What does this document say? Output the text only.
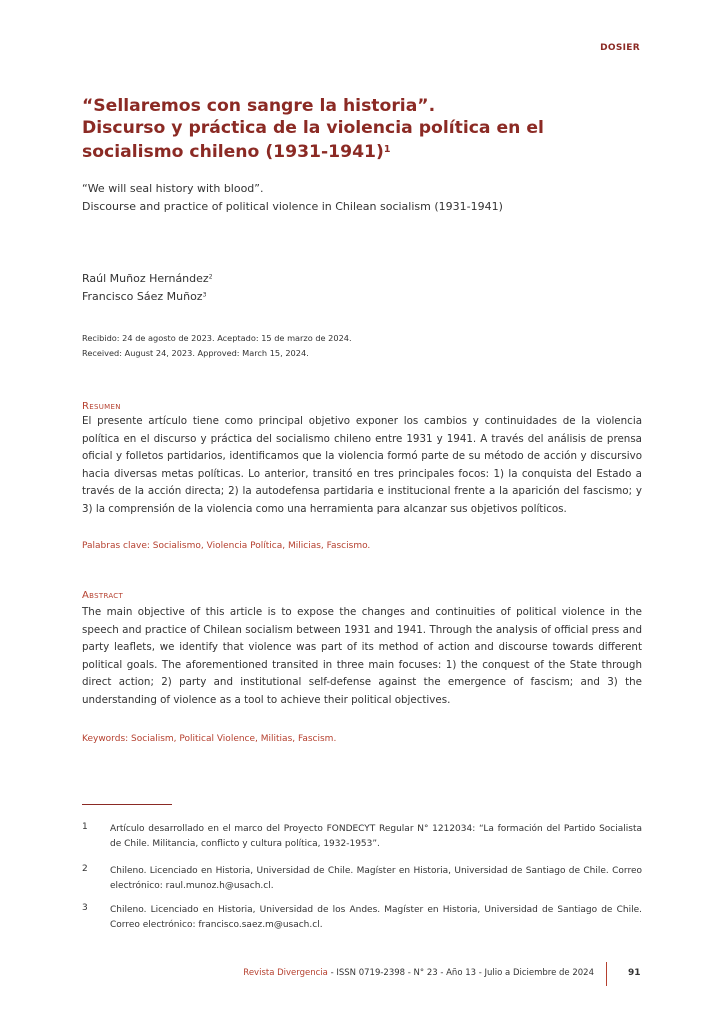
DOSIER
“Sellaremos con sangre la historia”.
Discurso y práctica de la violencia política en el
socialismo chileno (1931-1941)$^1$
“We will seal history with blood”.
Discourse and practice of political violence in Chilean socialism (1931-1941)
Raúl Muñoz Hernández$^2$
Francisco Sáez Muñoz$^3$
Recibido: 24 de agosto de 2023. Aceptado: 15 de marzo de 2024.
Received: August 24, 2023. Approved: March 15, 2024.
Resumen

El presente artículo tiene como principal objetivo exponer los cambios y continuidades de la violencia política en el discurso y práctica del socialismo chileno entre 1931 y 1941. A través del análisis de prensa oficial y folletos partidarios, identificamos que la violencia formó parte de su método de acción y discursivo hacia diversas metas políticas. Lo anterior, transitó en tres principales focos: 1) la conquista del Estado a través de la acción directa; 2) la autodefensa partidaria e institucional frente a la aparición del fascismo; y 3) la comprensión de la violencia como una herramienta para alcanzar sus objetivos políticos.

Palabras clave: Socialismo, Violencia Política, Milicias, Fascismo.
Abstract

The main objective of this article is to expose the changes and continuities of political violence in the speech and practice of Chilean socialism between 1931 and 1941. Through the analysis of official press and party leaflets, we identify that violence was part of its method of action and discourse towards different political goals. The aforementioned transited in three main focuses: 1) the conquest of the State through direct action; 2) party and institutional self-defense against the emergence of fascism; and 3) the understanding of violence as a tool to achieve their political objectives.

Keywords: Socialism, Political Violence, Militias, Fascism.
1 Artículo desarrollado en el marco del Proyecto FONDECYT Regular N° 1212034: “La formación del Partido Socialista de Chile. Militancia, conflicto y cultura política, 1932-1953”.

2 Chileno. Licenciado en Historia, Universidad de Chile. Magíster en Historia, Universidad de Santiago de Chile. Correo electrónico: raul.munoz.h@usach.cl.

3 Chileno. Licenciado en Historia, Universidad de los Andes. Magíster en Historia, Universidad de Santiago de Chile. Correo electrónico: francisco.saez.m@usach.cl.

Revista Divergencia - ISSN 0719-2398 - N° 23 - Año 13 - Julio a Diciembre de 2024	91
